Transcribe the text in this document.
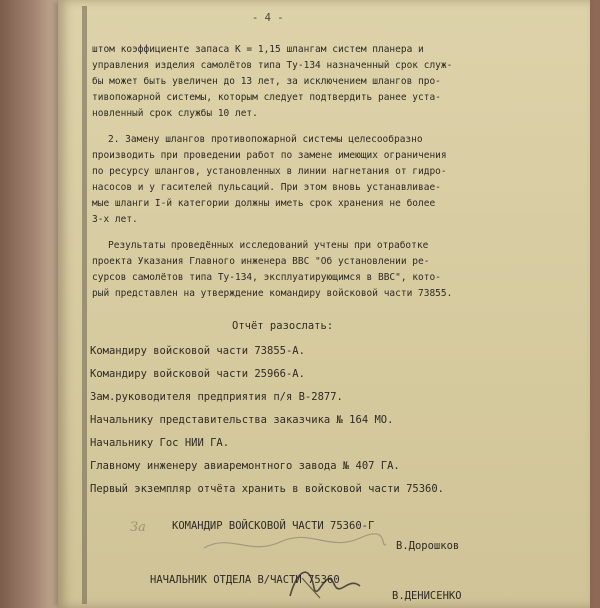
- 4 -
штом коэффициенте запаса К = 1,15 шлангам систем планера и
управления изделия самолётов типа Ту-134 назначенный срок служ-
бы может быть увеличен до 13 лет, за исключением шлангов про-
тивопожарной системы, которым следует подтвердить ранее уста-
новленный срок службы 10 лет.
2. Замену шлангов противопожарной системы целесообразно
производить при проведении работ по замене имеющих ограничения
по ресурсу шлангов, установленных в линии нагнетания от гидро-
насосов и у гасителей пульсаций. При этом вновь устанавливае-
мые шланги I-й категории должны иметь срок хранения не более
3-х лет.
Результаты проведённых исследований учтены при отработке
проекта Указания Главного инженера ВВС "Об установлении ре-
сурсов самолётов типа Ту-134, эксплуатирующимся в ВВС", кото-
рый представлен на утверждение командиру войсковой части 73855.
Отчёт разослать:
Командиру войсковой части 73855-А.
Командиру войсковой части 25966-А.
Зам.руководителя предприятия п/я В-2877.
Начальнику представительства заказчика № 164 МО.
Начальнику Гос НИИ ГА.
Главному инженеру авиаремонтного завода № 407 ГА.
Первый экземпляр отчёта хранить в войсковой части 75360.
За КОМАНДИР ВОЙСКОВОЙ ЧАСТИ 75360-Г
В.Дорошков
НАЧАЛЬНИК ОТДЕЛА В/ЧАСТИ 75360
В.ДЕНИСЕНКО
